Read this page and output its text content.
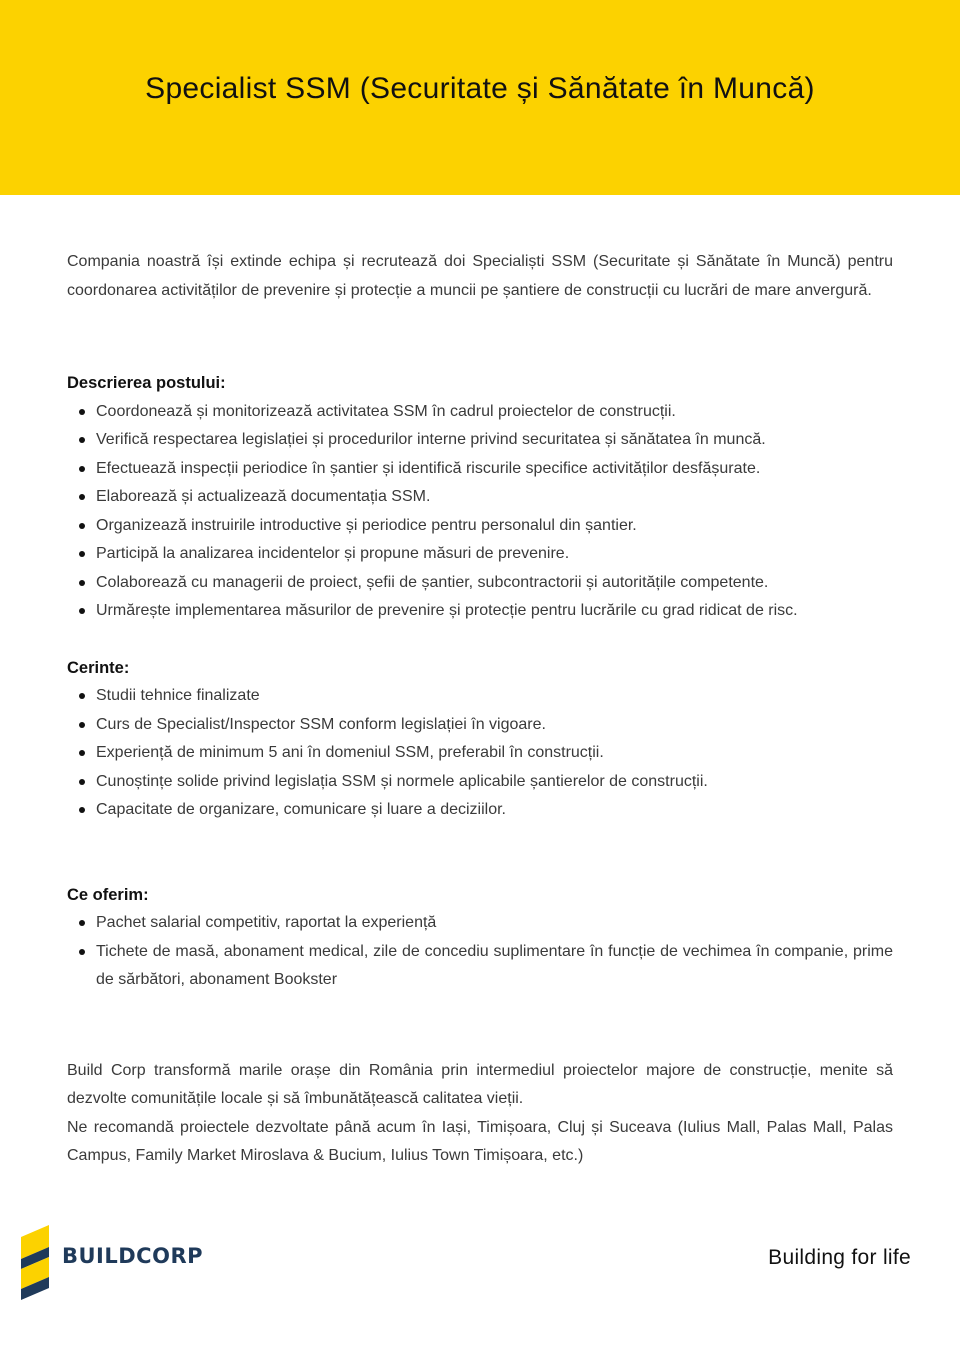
Specialist SSM (Securitate și Sănătate în Muncă)

Compania noastră își extinde echipa și recrutează doi Specialiști SSM (Securitate și Sănătate în Muncă) pentru coordonarea activităților de prevenire și protecție a muncii pe șantiere de construcții cu lucrări de mare anvergură.

Descrierea postului:

Coordonează și monitorizează activitatea SSM în cadrul proiectelor de construcții.
Verifică respectarea legislației și procedurilor interne privind securitatea și sănătatea în muncă.
Efectuează inspecții periodice în șantier și identifică riscurile specifice activităților desfășurate.
Elaborează și actualizează documentația SSM.
Organizează instruirile introductive și periodice pentru personalul din șantier.
Participă la analizarea incidentelor și propune măsuri de prevenire.
Colaborează cu managerii de proiect, șefii de șantier, subcontractorii și autoritățile competente.
Urmărește implementarea măsurilor de prevenire și protecție pentru lucrările cu grad ridicat de risc.

Cerinte:

Studii tehnice finalizate
Curs de Specialist/Inspector SSM conform legislației în vigoare.
Experiență de minimum 5 ani în domeniul SSM, preferabil în construcții.
Cunoștințe solide privind legislația SSM și normele aplicabile șantierelor de construcții.
Capacitate de organizare, comunicare și luare a deciziilor.

Ce oferim:

Pachet salarial competitiv, raportat la experiență
Tichete de masă, abonament medical, zile de concediu suplimentare în funcție de vechimea în companie, prime de sărbători, abonament Bookster

Build Corp transformă marile orașe din România prin intermediul proiectelor majore de construcție, menite să dezvolte comunitățile locale și să îmbunătățească calitatea vieții.

Ne recomandă proiectele dezvoltate până acum în Iași, Timișoara, Cluj și Suceava (Iulius Mall, Palas Mall, Palas Campus, Family Market Miroslava & Bucium, Iulius Town Timișoara, etc.)

BUILDCORP	Building for life
